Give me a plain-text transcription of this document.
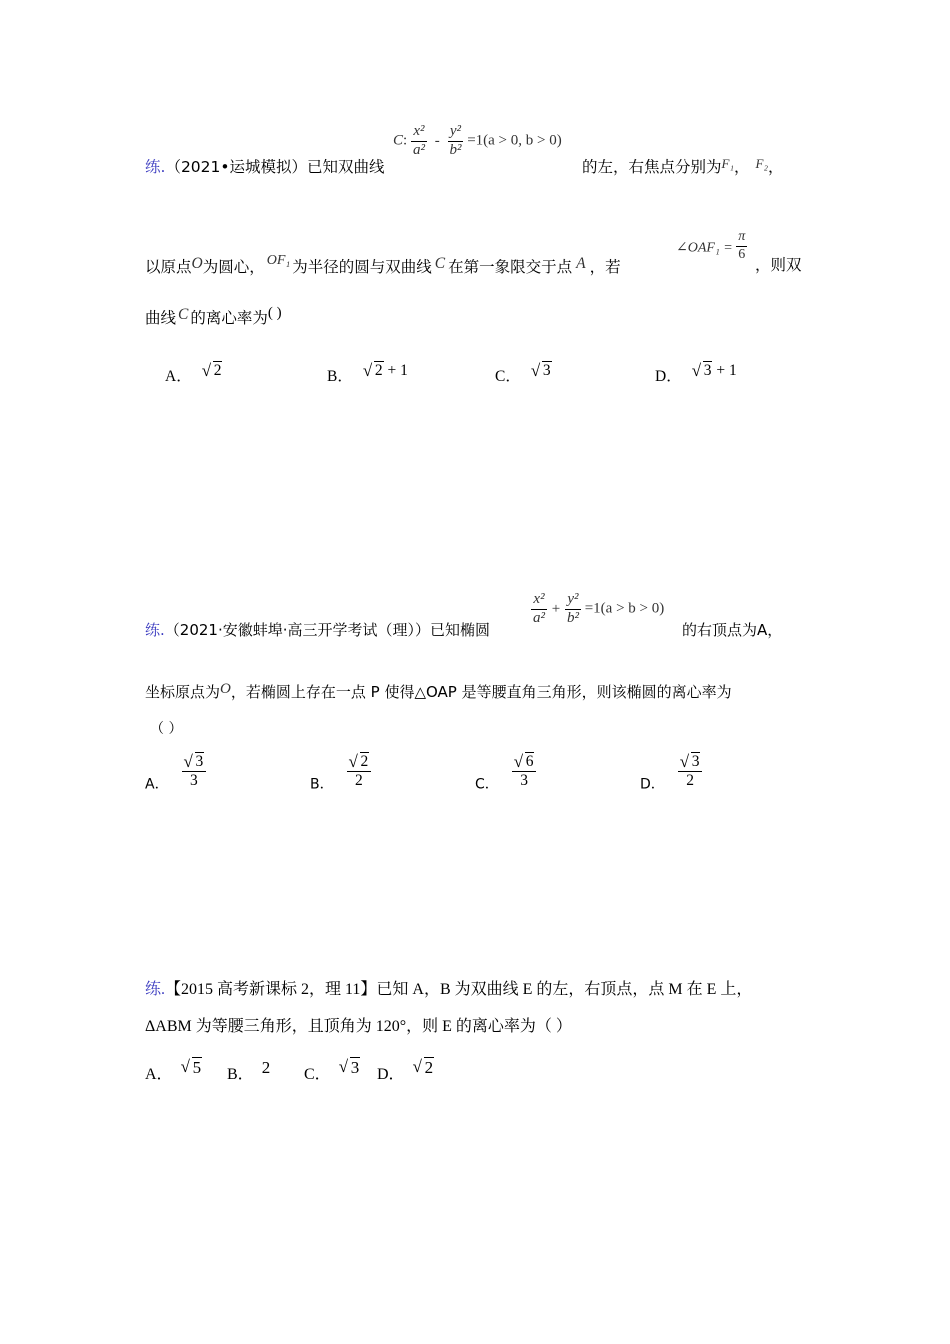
练.（2021•运城模拟）已知双曲线
C: $\frac{\text{x²}}{\text{a²}} - \frac{\text{y²}}{\text{b²}} =1(a > 0$, b > 0)
的左，右焦点分别为$^{F_1}$， $^{F_2}$，
以原点O为圆心， OF₁ 为半径的圆与双曲线 C 在第一象限交于点 A ，若
∠OAF₁ = $\frac{\pi}{6}$
，则双
曲线 C 的离心率为( )
A． √ 2	B． √ 2 + 1	C． √ 3	D． √ 3 + 1
练.（2021·安徽蚌埠·高三开学考试（理））已知椭圆
$\frac{\text{x²}}{\text{a²}} + \frac{\text{y²}}{\text{b²}} =1(a > b > 0)$
的右顶点为A，
坐标原点为O，若椭圆上存在一点 P 使得△OAP 是等腰直角三角形，则该椭圆的离心率为
（ ）
A． $\frac{√ 3}{3}$	B． $\frac{√ 2}{2}$	C． $\frac{√ 6}{3}$	D． $\frac{√ 3}{2}$
练.【2015 高考新课标 2，理 11】已知 A，B 为双曲线 E 的左，右顶点，点 M 在 E 上，
ΔABM 为等腰三角形，且顶角为 120°，则 E 的离心率为（ ）
A． √ 5 B． 2 C． √ 3 D． √ 2
